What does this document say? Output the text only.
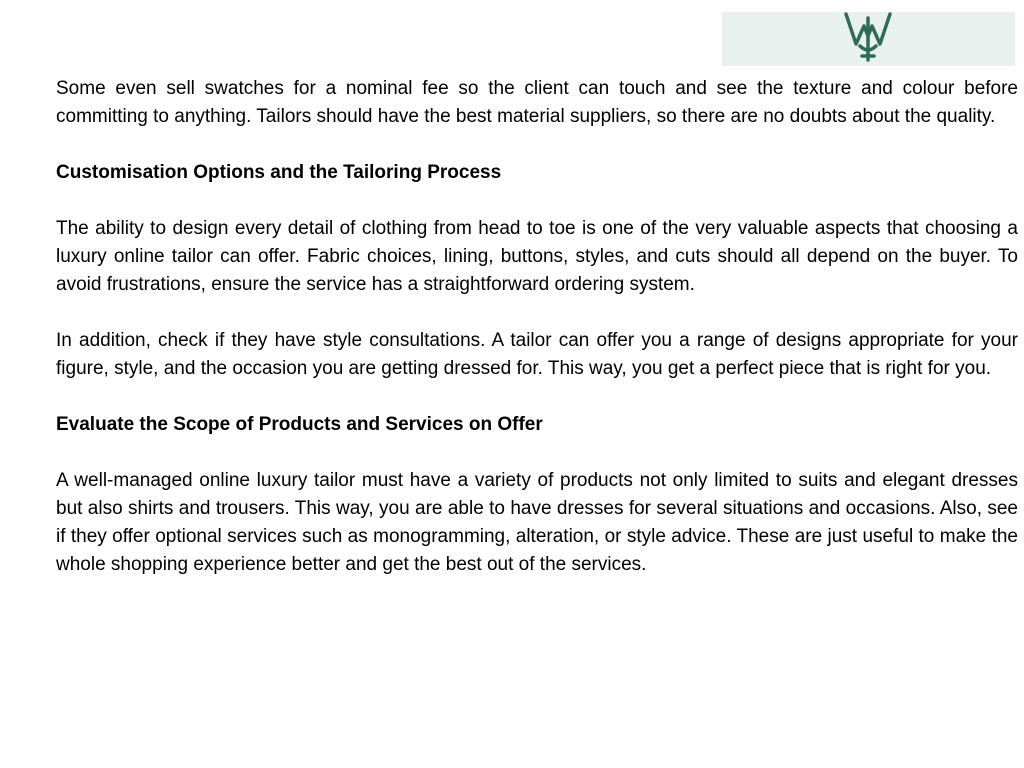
Some even sell swatches for a nominal fee so the client can touch and see the texture and colour before committing to anything. Tailors should have the best material suppliers, so there are no doubts about the quality.

Customisation Options and the Tailoring Process

The ability to design every detail of clothing from head to toe is one of the very valuable aspects that choosing a luxury online tailor can offer. Fabric choices, lining, buttons, styles, and cuts should all depend on the buyer. To avoid frustrations, ensure the service has a straightforward ordering system.

In addition, check if they have style consultations. A tailor can offer you a range of designs appropriate for your figure, style, and the occasion you are getting dressed for. This way, you get a perfect piece that is right for you.

Evaluate the Scope of Products and Services on Offer

A well-managed online luxury tailor must have a variety of products not only limited to suits and elegant dresses but also shirts and trousers. This way, you are able to have dresses for several situations and occasions. Also, see if they offer optional services such as monogramming, alteration, or style advice. These are just useful to make the whole shopping experience better and get the best out of the services.
